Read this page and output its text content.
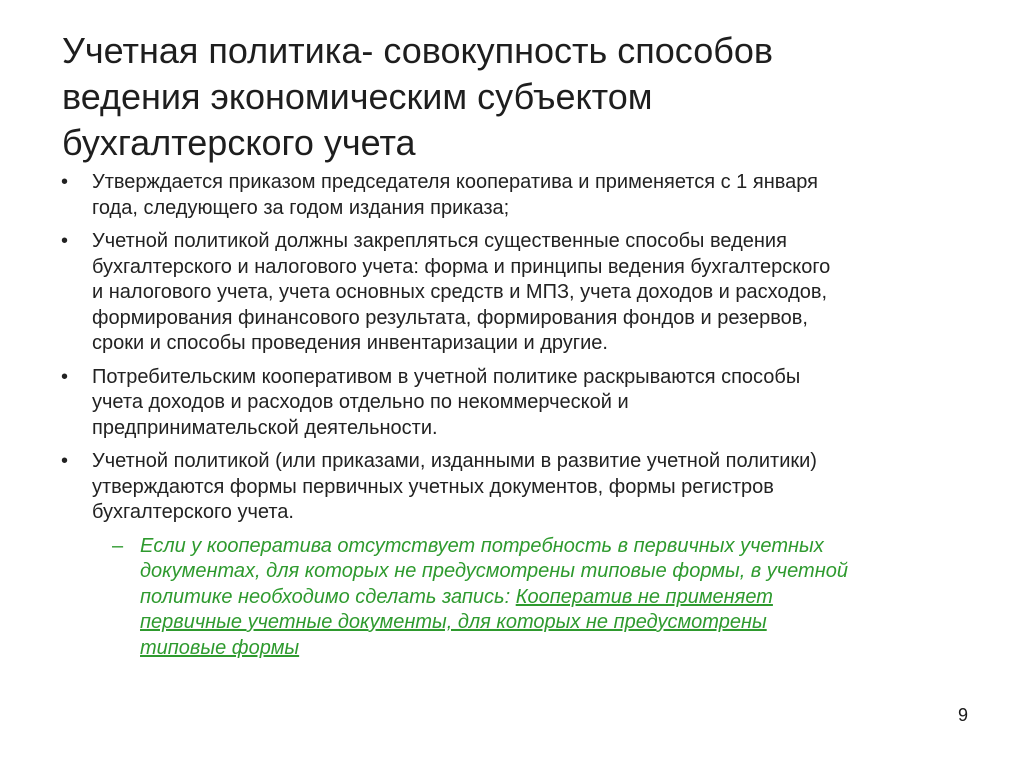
Учетная политика- совокупность способов
ведения экономическим субъектом
бухгалтерского учета
• Утверждается приказом председателя кооператива и применяется с 1 января
года, следующего за годом издания приказа;
• Учетной политикой должны закрепляться существенные способы ведения
бухгалтерского и налогового учета: форма и принципы ведения бухгалтерского
и налогового учета, учета основных средств и МПЗ, учета доходов и расходов,
формирования финансового результата, формирования фондов и резервов,
сроки и способы проведения инвентаризации и другие.
• Потребительским кооперативом в учетной политике раскрываются способы
учета доходов и расходов отдельно по некоммерческой и
предпринимательской деятельности.
• Учетной политикой (или приказами, изданными в развитие учетной политики)
утверждаются формы первичных учетных документов, формы регистров
бухгалтерского учета.
– Если у кооператива отсутствует потребность в первичных учетных
документах, для которых не предусмотрены типовые формы, в учетной
политике необходимо сделать запись: Кооператив не применяет
первичные учетные документы, для которых не предусмотрены
типовые формы
9
